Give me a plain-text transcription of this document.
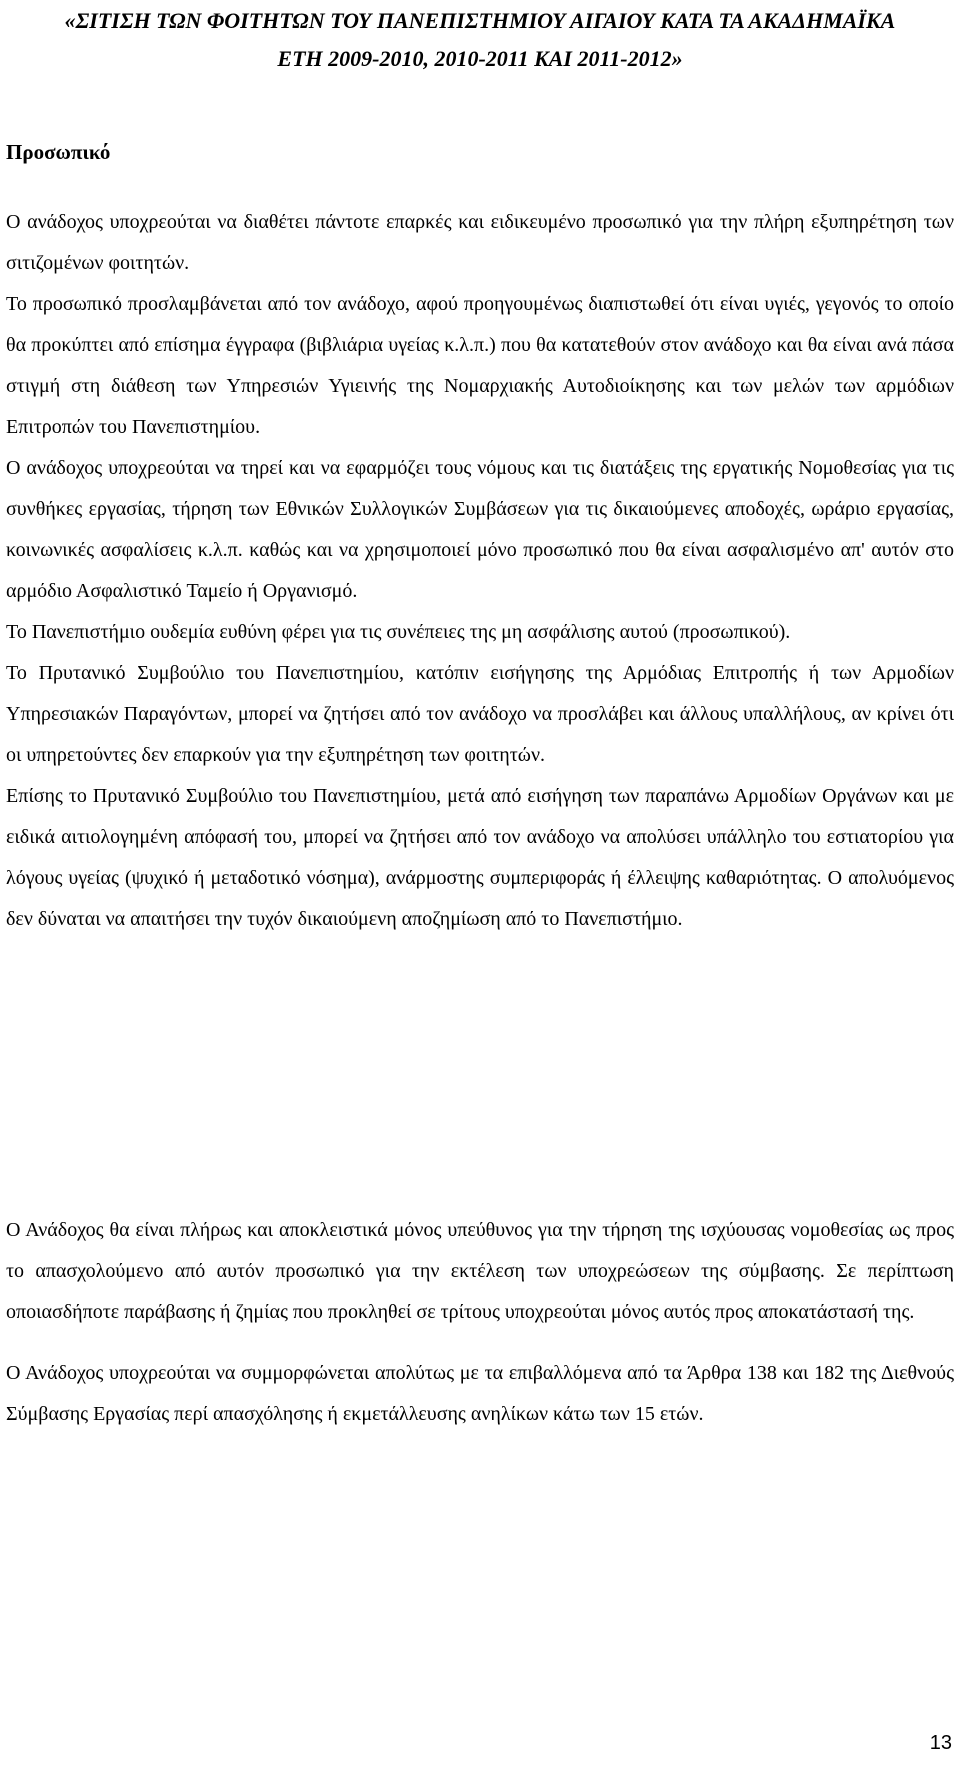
«ΣΙΤΙΣΗ ΤΩΝ ΦΟΙΤΗΤΩΝ ΤΟΥ ΠΑΝΕΠΙΣΤΗΜΙΟΥ ΑΙΓΑΙΟΥ ΚΑΤΑ ΤΑ ΑΚΑΔΗΜΑΪΚΑ
ΕΤΗ 2009-2010, 2010-2011 ΚΑΙ 2011-2012»
Προσωπικό

Ο ανάδοχος υποχρεούται να διαθέτει πάντοτε επαρκές και ειδικευμένο προσωπικό για την πλήρη εξυπηρέτηση των σιτιζομένων φοιτητών.

Το προσωπικό προσλαμβάνεται από τον ανάδοχο, αφού προηγουμένως διαπιστωθεί ότι είναι υγιές, γεγονός το οποίο θα προκύπτει από επίσημα έγγραφα (βιβλιάρια υγείας κ.λ.π.) που θα κατατεθούν στον ανάδοχο και θα είναι ανά πάσα στιγμή στη διάθεση των Υπηρεσιών Υγιεινής της Νομαρχιακής Αυτοδιοίκησης και των μελών των αρμόδιων Επιτροπών του Πανεπιστημίου.

Ο ανάδοχος υποχρεούται να τηρεί και να εφαρμόζει τους νόμους και τις διατάξεις της εργατικής Νομοθεσίας για τις συνθήκες εργασίας, τήρηση των Εθνικών Συλλογικών Συμβάσεων για τις δικαιούμενες αποδοχές, ωράριο εργασίας, κοινωνικές ασφαλίσεις κ.λ.π. καθώς και να χρησιμοποιεί μόνο προσωπικό που θα είναι ασφαλισμένο απ' αυτόν στο αρμόδιο Ασφαλιστικό Ταμείο ή Οργανισμό.

Το Πανεπιστήμιο ουδεμία ευθύνη φέρει για τις συνέπειες της μη ασφάλισης αυτού (προσωπικού).

Το Πρυτανικό Συμβούλιο του Πανεπιστημίου, κατόπιν εισήγησης της Αρμόδιας Επιτροπής ή των Αρμοδίων Υπηρεσιακών Παραγόντων, μπορεί να ζητήσει από τον ανάδοχο να προσλάβει και άλλους υπαλλήλους, αν κρίνει ότι οι υπηρετούντες δεν επαρκούν για την εξυπηρέτηση των φοιτητών.

Επίσης το Πρυτανικό Συμβούλιο του Πανεπιστημίου, μετά από εισήγηση των παραπάνω Αρμοδίων Οργάνων και με ειδικά αιτιολογημένη απόφασή του, μπορεί να ζητήσει από τον ανάδοχο να απολύσει υπάλληλο του εστιατορίου για λόγους υγείας (ψυχικό ή μεταδοτικό νόσημα), ανάρμοστης συμπεριφοράς ή έλλειψης καθαριότητας. Ο απολυόμενος δεν δύναται να απαιτήσει την τυχόν δικαιούμενη αποζημίωση από το Πανεπιστήμιο.

Ο Ανάδοχος θα είναι πλήρως και αποκλειστικά μόνος υπεύθυνος για την τήρηση της ισχύουσας νομοθεσίας ως προς το απασχολούμενο από αυτόν προσωπικό για την εκτέλεση των υποχρεώσεων της σύμβασης. Σε περίπτωση οποιασδήποτε παράβασης ή ζημίας που προκληθεί σε τρίτους υποχρεούται μόνος αυτός προς αποκατάστασή της.

Ο Ανάδοχος υποχρεούται να συμμορφώνεται απολύτως με τα επιβαλλόμενα από τα Άρθρα 138 και 182 της Διεθνούς Σύμβασης Εργασίας περί απασχόλησης ή εκμετάλλευσης ανηλίκων κάτω των 15 ετών.

13
